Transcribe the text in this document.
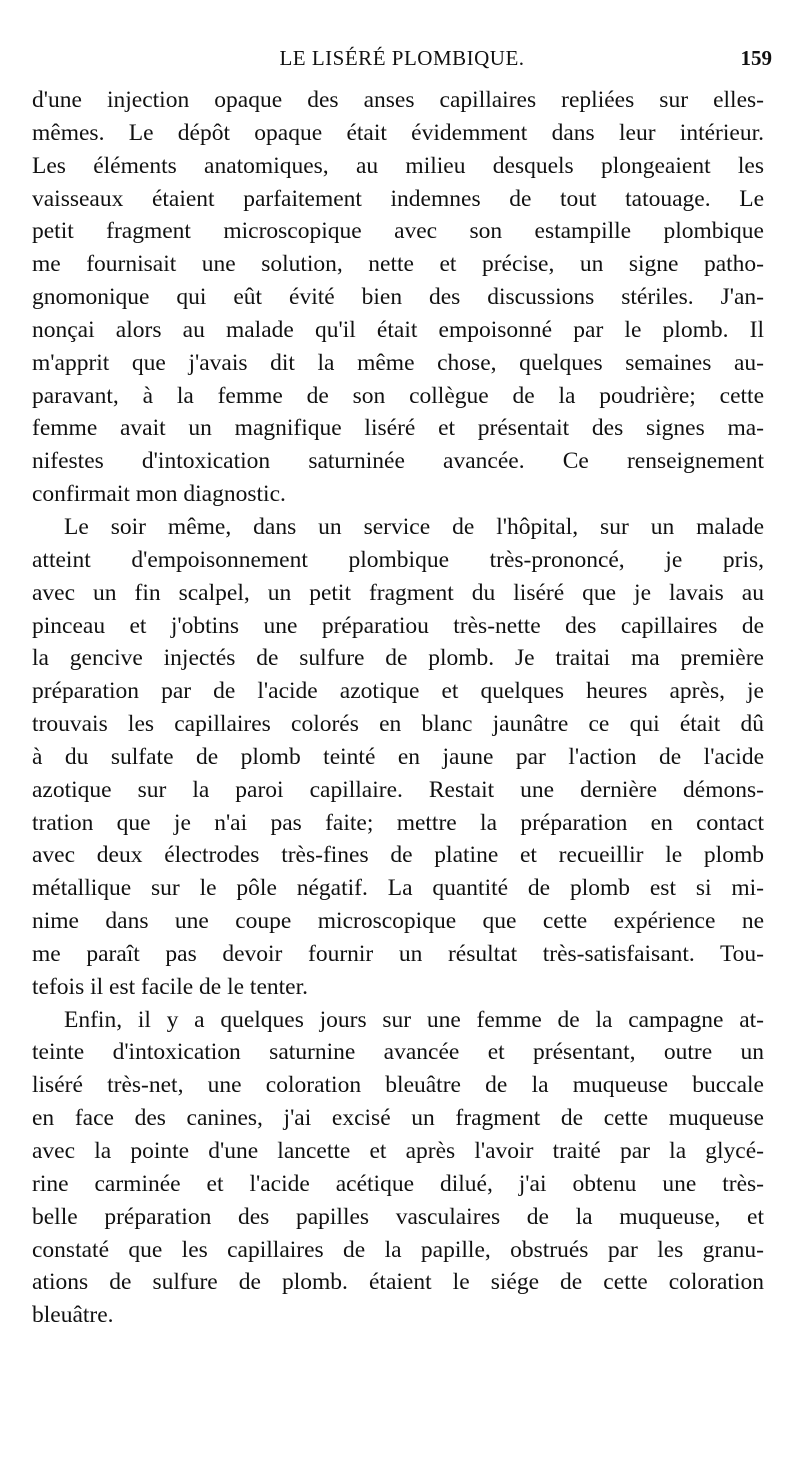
LE LISÉRÉ PLOMBIQUE.	159
d'une injection opaque des anses capillaires repliées sur elles-
mêmes. Le dépôt opaque était évidemment dans leur intérieur.
Les éléments anatomiques, au milieu desquels plongeaient les
vaisseaux étaient parfaitement indemnes de tout tatouage. Le
petit fragment microscopique avec son estampille plombique
me fournisait une solution, nette et précise, un signe patho-
gnomonique qui eût évité bien des discussions stériles. J'an-
nonçai alors au malade qu'il était empoisonné par le plomb. Il
m'apprit que j'avais dit la même chose, quelques semaines au-
paravant, à la femme de son collègue de la poudrière; cette
femme avait un magnifique liséré et présentait des signes ma-
nifestes d'intoxication saturninée avancée. Ce renseignement
confirmait mon diagnostic.
Le soir même, dans un service de l'hôpital, sur un malade
atteint d'empoisonnement plombique très-prononcé, je pris,
avec un fin scalpel, un petit fragment du liséré que je lavais au
pinceau et j'obtins une préparatiou très-nette des capillaires de
la gencive injectés de sulfure de plomb. Je traitai ma première
préparation par de l'acide azotique et quelques heures après, je
trouvais les capillaires colorés en blanc jaunâtre ce qui était dû
à du sulfate de plomb teinté en jaune par l'action de l'acide
azotique sur la paroi capillaire. Restait une dernière démons-
tration que je n'ai pas faite; mettre la préparation en contact
avec deux électrodes très-fines de platine et recueillir le plomb
métallique sur le pôle négatif. La quantité de plomb est si mi-
nime dans une coupe microscopique que cette expérience ne
me paraît pas devoir fournir un résultat très-satisfaisant. Tou-
tefois il est facile de le tenter.
Enfin, il y a quelques jours sur une femme de la campagne at-
teinte d'intoxication saturnine avancée et présentant, outre un
liséré très-net, une coloration bleuâtre de la muqueuse buccale
en face des canines, j'ai excisé un fragment de cette muqueuse
avec la pointe d'une lancette et après l'avoir traité par la glycé-
rine carminée et l'acide acétique dilué, j'ai obtenu une très-
belle préparation des papilles vasculaires de la muqueuse, et
constaté que les capillaires de la papille, obstrués par les granu-
ations de sulfure de plomb. étaient le siége de cette coloration
bleuâtre.
